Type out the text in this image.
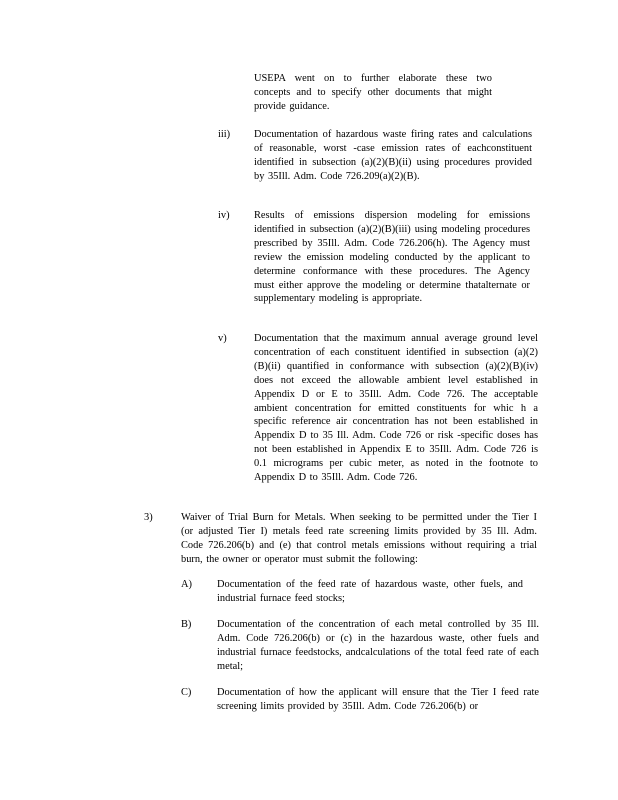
USEPA went on to further elaborate these two concepts and to specify other documents that might provide guidance.
iii) Documentation of hazardous waste firing rates and calculations of reasonable, worst -case emission rates of eachconstituent identified in subsection (a)(2)(B)(ii) using procedures provided by 35Ill. Adm. Code 726.209(a)(2)(B).
iv) Results of emissions dispersion modeling for emissions identified in subsection (a)(2)(B)(iii) using modeling procedures prescribed by 35Ill. Adm. Code 726.206(h). The Agency must review the emission modeling conducted by the applicant to determine conformance with these procedures. The Agency must either approve the modeling or determine thatalternate or supplementary modeling is appropriate.
v)	Documentation that the maximum annual average ground level concentration of each constituent identified in subsection (a)(2)(B)(ii) quantified in conformance with subsection (a)(2)(B)(iv) does not exceed the allowable ambient level established in Appendix D or E to 35Ill. Adm. Code 726. The acceptable ambient concentration for emitted constituents for whic h a specific reference air concentration has not been established in Appendix D to 35 Ill. Adm. Code 726 or risk -specific doses has not been established in Appendix E to 35Ill. Adm. Code 726 is 0.1 micrograms per cubic meter, as noted in the footnote to Appendix D to 35Ill. Adm. Code 726.
3)	Waiver of Trial Burn for Metals. When seeking to be permitted under the Tier I (or adjusted Tier I) metals feed rate screening limits provided by 35 Ill. Adm. Code 726.206(b) and (e) that control metals emissions without requiring a trial burn, the owner or operator must submit the following:
A) Documentation of the feed rate of hazardous waste, other fuels, and industrial furnace feed stocks;
B) Documentation of the concentration of each metal controlled by 35 Ill. Adm. Code 726.206(b) or (c) in the hazardous waste, other fuels and industrial furnace feedstocks, andcalculations of the total feed rate of each metal;
C) Documentation of how the applicant will ensure that the Tier I feed rate screening limits provided by 35Ill. Adm. Code 726.206(b) or
